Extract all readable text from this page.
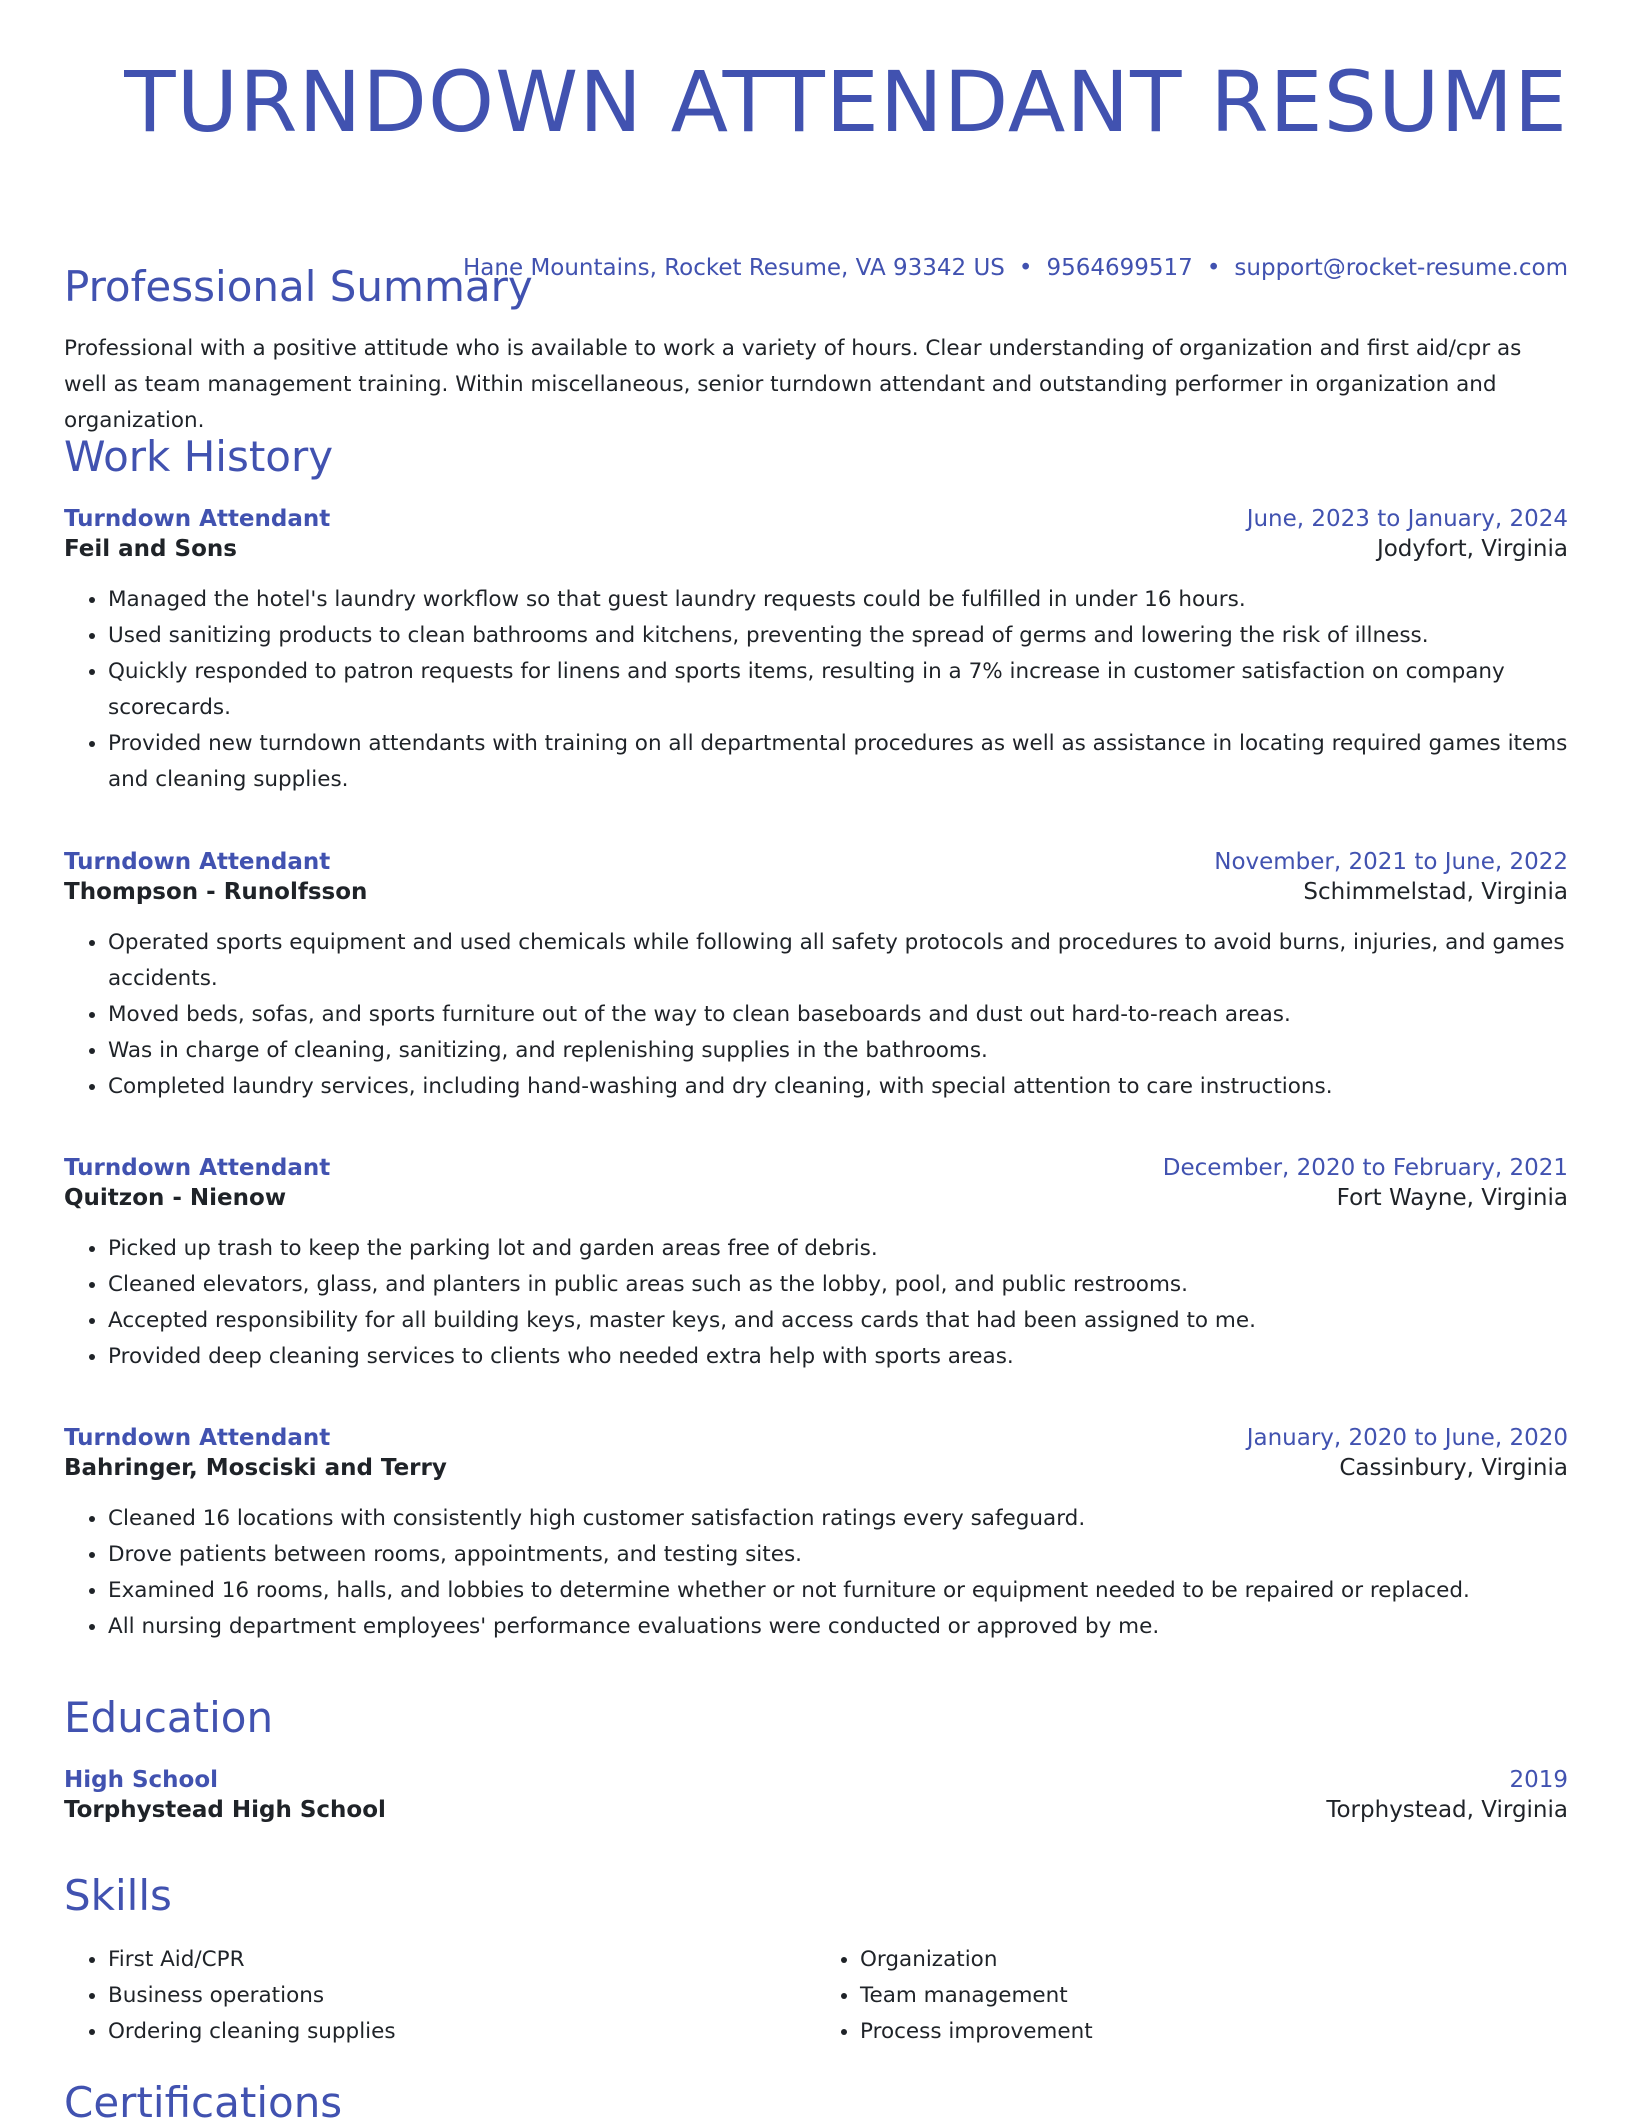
TURNDOWN ATTENDANT RESUME
Hane Mountains, Rocket Resume, VA 93342 US • 9564699517 • support@rocket-resume.com
Professional Summary

Professional with a positive attitude who is available to work a variety of hours. Clear understanding of organization and first aid/cpr as well as team management training. Within miscellaneous, senior turndown attendant and outstanding performer in organization and organization.

Work History
Turndown Attendant	June, 2023 to January, 2024
Feil and Sons	Jodyfort, Virginia
• Managed the hotel's laundry workflow so that guest laundry requests could be fulfilled in under 16 hours.
• Used sanitizing products to clean bathrooms and kitchens, preventing the spread of germs and lowering the risk of illness.
• Quickly responded to patron requests for linens and sports items, resulting in a 7% increase in customer satisfaction on company scorecards.
• Provided new turndown attendants with training on all departmental procedures as well as assistance in locating required games items and cleaning supplies.
Turndown Attendant	November, 2021 to June, 2022
Thompson - Runolfsson	Schimmelstad, Virginia
• Operated sports equipment and used chemicals while following all safety protocols and procedures to avoid burns, injuries, and games accidents.
• Moved beds, sofas, and sports furniture out of the way to clean baseboards and dust out hard-to-reach areas.
• Was in charge of cleaning, sanitizing, and replenishing supplies in the bathrooms.
• Completed laundry services, including hand-washing and dry cleaning, with special attention to care instructions.
Turndown Attendant	December, 2020 to February, 2021
Quitzon - Nienow	Fort Wayne, Virginia
• Picked up trash to keep the parking lot and garden areas free of debris.
• Cleaned elevators, glass, and planters in public areas such as the lobby, pool, and public restrooms.
• Accepted responsibility for all building keys, master keys, and access cards that had been assigned to me.
• Provided deep cleaning services to clients who needed extra help with sports areas.
Turndown Attendant	January, 2020 to June, 2020
Bahringer, Mosciski and Terry	Cassinbury, Virginia
• Cleaned 16 locations with consistently high customer satisfaction ratings every safeguard.
• Drove patients between rooms, appointments, and testing sites.
• Examined 16 rooms, halls, and lobbies to determine whether or not furniture or equipment needed to be repaired or replaced.
• All nursing department employees' performance evaluations were conducted or approved by me.
Education
High School	2019
Torphystead High School	Torphystead, Virginia
Skills
• First Aid/CPR
• Business operations
• Ordering cleaning supplies
• Organization
• Team management
• Process improvement
Certifications
